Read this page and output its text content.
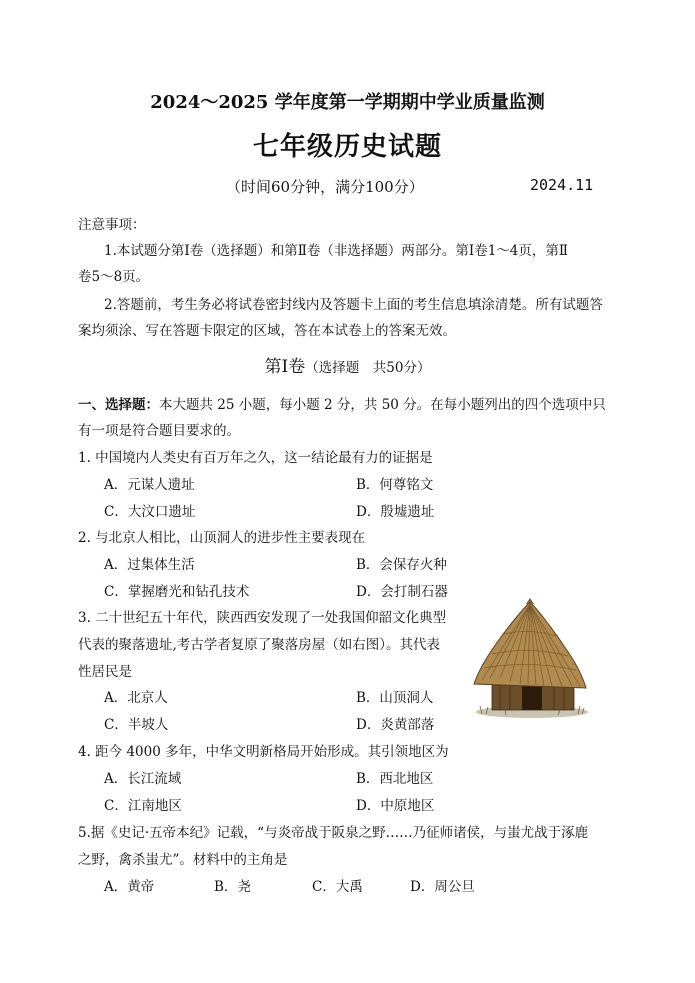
2024～2025 学年度第一学期期中学业质量监测
七年级历史试题
（时间60分钟，满分100分）	2024.11
注意事项：
1.本试题分第Ⅰ卷（选择题）和第Ⅱ卷（非选择题）两部分。第Ⅰ卷1～4页，第Ⅱ
卷5～8页。
2.答题前，考生务必将试卷密封线内及答题卡上面的考生信息填涂清楚。所有试题答
案均须涂、写在答题卡限定的区域，答在本试卷上的答案无效。
第Ⅰ卷（选择题　共50分）
一、选择题：本大题共 25 小题，每小题 2 分，共 50 分。在每小题列出的四个选项中只
有一项是符合题目要求的。
1. 中国境内人类史有百万年之久，这一结论最有力的证据是
A．元谋人遗址	B．何尊铭文
C．大汶口遗址	D．殷墟遗址
2. 与北京人相比，山顶洞人的进步性主要表现在
A．过集体生活	B．会保存火种
C．掌握磨光和钻孔技术	D．会打制石器
3. 二十世纪五十年代，陕西西安发现了一处我国仰韶文化典型
代表的聚落遗址,考古学者复原了聚落房屋（如右图）。其代表
性居民是
A．北京人	B．山顶洞人
C．半坡人	D．炎黄部落
4. 距今 4000 多年，中华文明新格局开始形成。其引领地区为
A．长江流域	B．西北地区
C．江南地区	D．中原地区
5.据《史记·五帝本纪》记载，“与炎帝战于阪泉之野……乃征师诸侯，与蚩尤战于涿鹿
之野，禽杀蚩尤”。材料中的主角是
A．黄帝	B．尧	C．大禹	D．周公旦
